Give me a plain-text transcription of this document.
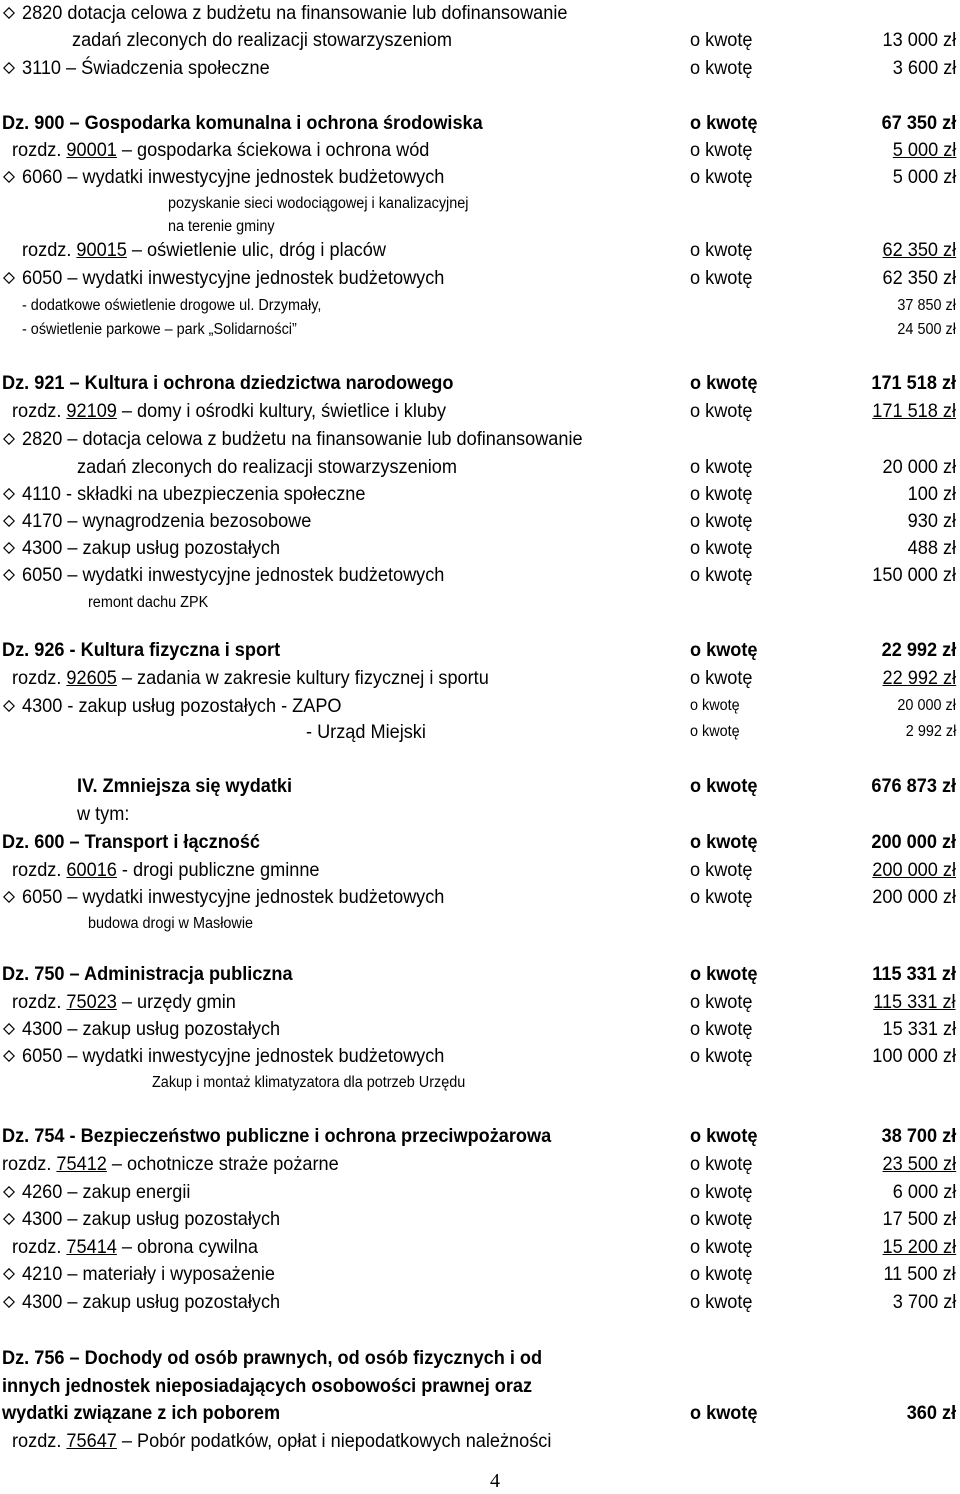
2820 dotacja celowa z budżetu na finansowanie lub dofinansowanie
zadań zleconych do realizacji stowarzyszeniom	o kwotę	13 000 zł
3110 – Świadczenia społeczne	o kwotę	3 600 zł
Dz. 900 – Gospodarka komunalna i ochrona środowiska	o kwotę	67 350 zł
rozdz. 90001 – gospodarka ściekowa i ochrona wód	o kwotę	5 000 zł
6060 – wydatki inwestycyjne jednostek budżetowych	o kwotę	5 000 zł
pozyskanie sieci wodociągowej i kanalizacyjnej
na terenie gminy
rozdz. 90015 – oświetlenie ulic, dróg i placów	o kwotę	62 350 zł
6050 – wydatki inwestycyjne jednostek budżetowych	o kwotę	62 350 zł
- dodatkowe oświetlenie drogowe ul. Drzymały,	37 850 zł
- oświetlenie parkowe – park „Solidarności”	24 500 zł
Dz. 921 – Kultura i ochrona dziedzictwa narodowego	o kwotę	171 518 zł
rozdz. 92109 – domy i ośrodki kultury, świetlice i kluby	o kwotę	171 518 zł
2820 – dotacja celowa z budżetu na finansowanie lub dofinansowanie
zadań zleconych do realizacji stowarzyszeniom	o kwotę	20 000 zł
4110 - składki na ubezpieczenia społeczne	o kwotę	100 zł
4170 – wynagrodzenia bezosobowe	o kwotę	930 zł
4300 – zakup usług pozostałych	o kwotę	488 zł
6050 – wydatki inwestycyjne jednostek budżetowych	o kwotę	150 000 zł
remont dachu ZPK
Dz. 926 - Kultura fizyczna i sport	o kwotę	22 992 zł
rozdz. 92605 – zadania w zakresie kultury fizycznej i sportu	o kwotę	22 992 zł
4300 - zakup usług pozostałych - ZAPO	o kwotę	20 000 zł
- Urząd Miejski	o kwotę	2 992 zł
IV. Zmniejsza się wydatki	o kwotę	676 873 zł
w tym:
Dz. 600 – Transport i łączność	o kwotę	200 000 zł
rozdz. 60016 - drogi publiczne gminne	o kwotę	200 000 zł
6050 – wydatki inwestycyjne jednostek budżetowych	o kwotę	200 000 zł
budowa drogi w Masłowie
Dz. 750 – Administracja publiczna	o kwotę	115 331 zł
rozdz. 75023 – urzędy gmin	o kwotę	115 331 zł
4300 – zakup usług pozostałych	o kwotę	15 331 zł
6050 – wydatki inwestycyjne jednostek budżetowych	o kwotę	100 000 zł
Zakup i montaż klimatyzatora dla potrzeb Urzędu
Dz. 754 - Bezpieczeństwo publiczne i ochrona przeciwpożarowa	o kwotę	38 700 zł
rozdz. 75412 – ochotnicze straże pożarne	o kwotę	23 500 zł
4260 – zakup energii	o kwotę	6 000 zł
4300 – zakup usług pozostałych	o kwotę	17 500 zł
rozdz. 75414 – obrona cywilna	o kwotę	15 200 zł
4210 – materiały i wyposażenie	o kwotę	11 500 zł
4300 – zakup usług pozostałych	o kwotę	3 700 zł
Dz. 756 – Dochody od osób prawnych, od osób fizycznych i od
innych jednostek nieposiadających osobowości prawnej oraz
wydatki związane z ich poborem	o kwotę	360 zł
rozdz. 75647 – Pobór podatków, opłat i niepodatkowych należności
4
